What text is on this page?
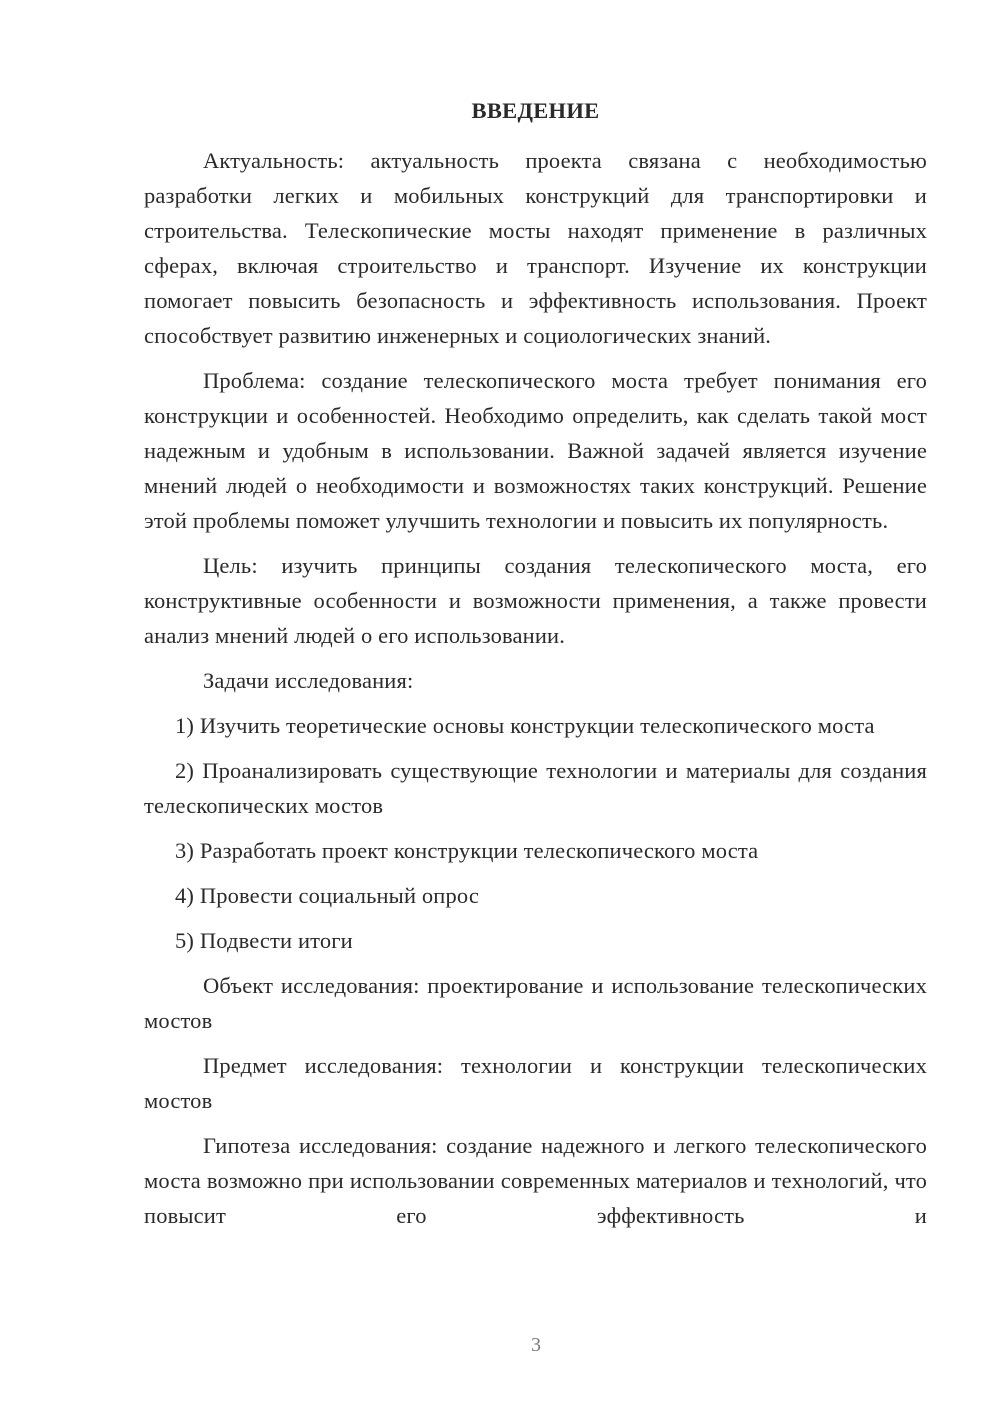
ВВЕДЕНИЕ

Актуальность: актуальность проекта связана с необходимостью разработки легких и мобильных конструкций для транспортировки и строительства. Телескопические мосты находят применение в различных сферах, включая строительство и транспорт. Изучение их конструкции помогает повысить безопасность и эффективность использования. Проект способствует развитию инженерных и социологических знаний.

Проблема: создание телескопического моста требует понимания его конструкции и особенностей. Необходимо определить, как сделать такой мост надежным и удобным в использовании. Важной задачей является изучение мнений людей о необходимости и возможностях таких конструкций. Решение этой проблемы поможет улучшить технологии и повысить их популярность.

Цель: изучить принципы создания телескопического моста, его конструктивные особенности и возможности применения, а также провести анализ мнений людей о его использовании.

Задачи исследования:

1) Изучить теоретические основы конструкции телескопического моста

2) Проанализировать существующие технологии и материалы для создания телескопических мостов

3) Разработать проект конструкции телескопического моста

4) Провести социальный опрос

5) Подвести итоги

Объект исследования: проектирование и использование телескопических мостов

Предмет исследования: технологии и конструкции телескопических мостов

Гипотеза исследования: создание надежного и легкого телескопического моста возможно при использовании современных материалов и технологий, что повысит его эффективность и

3
